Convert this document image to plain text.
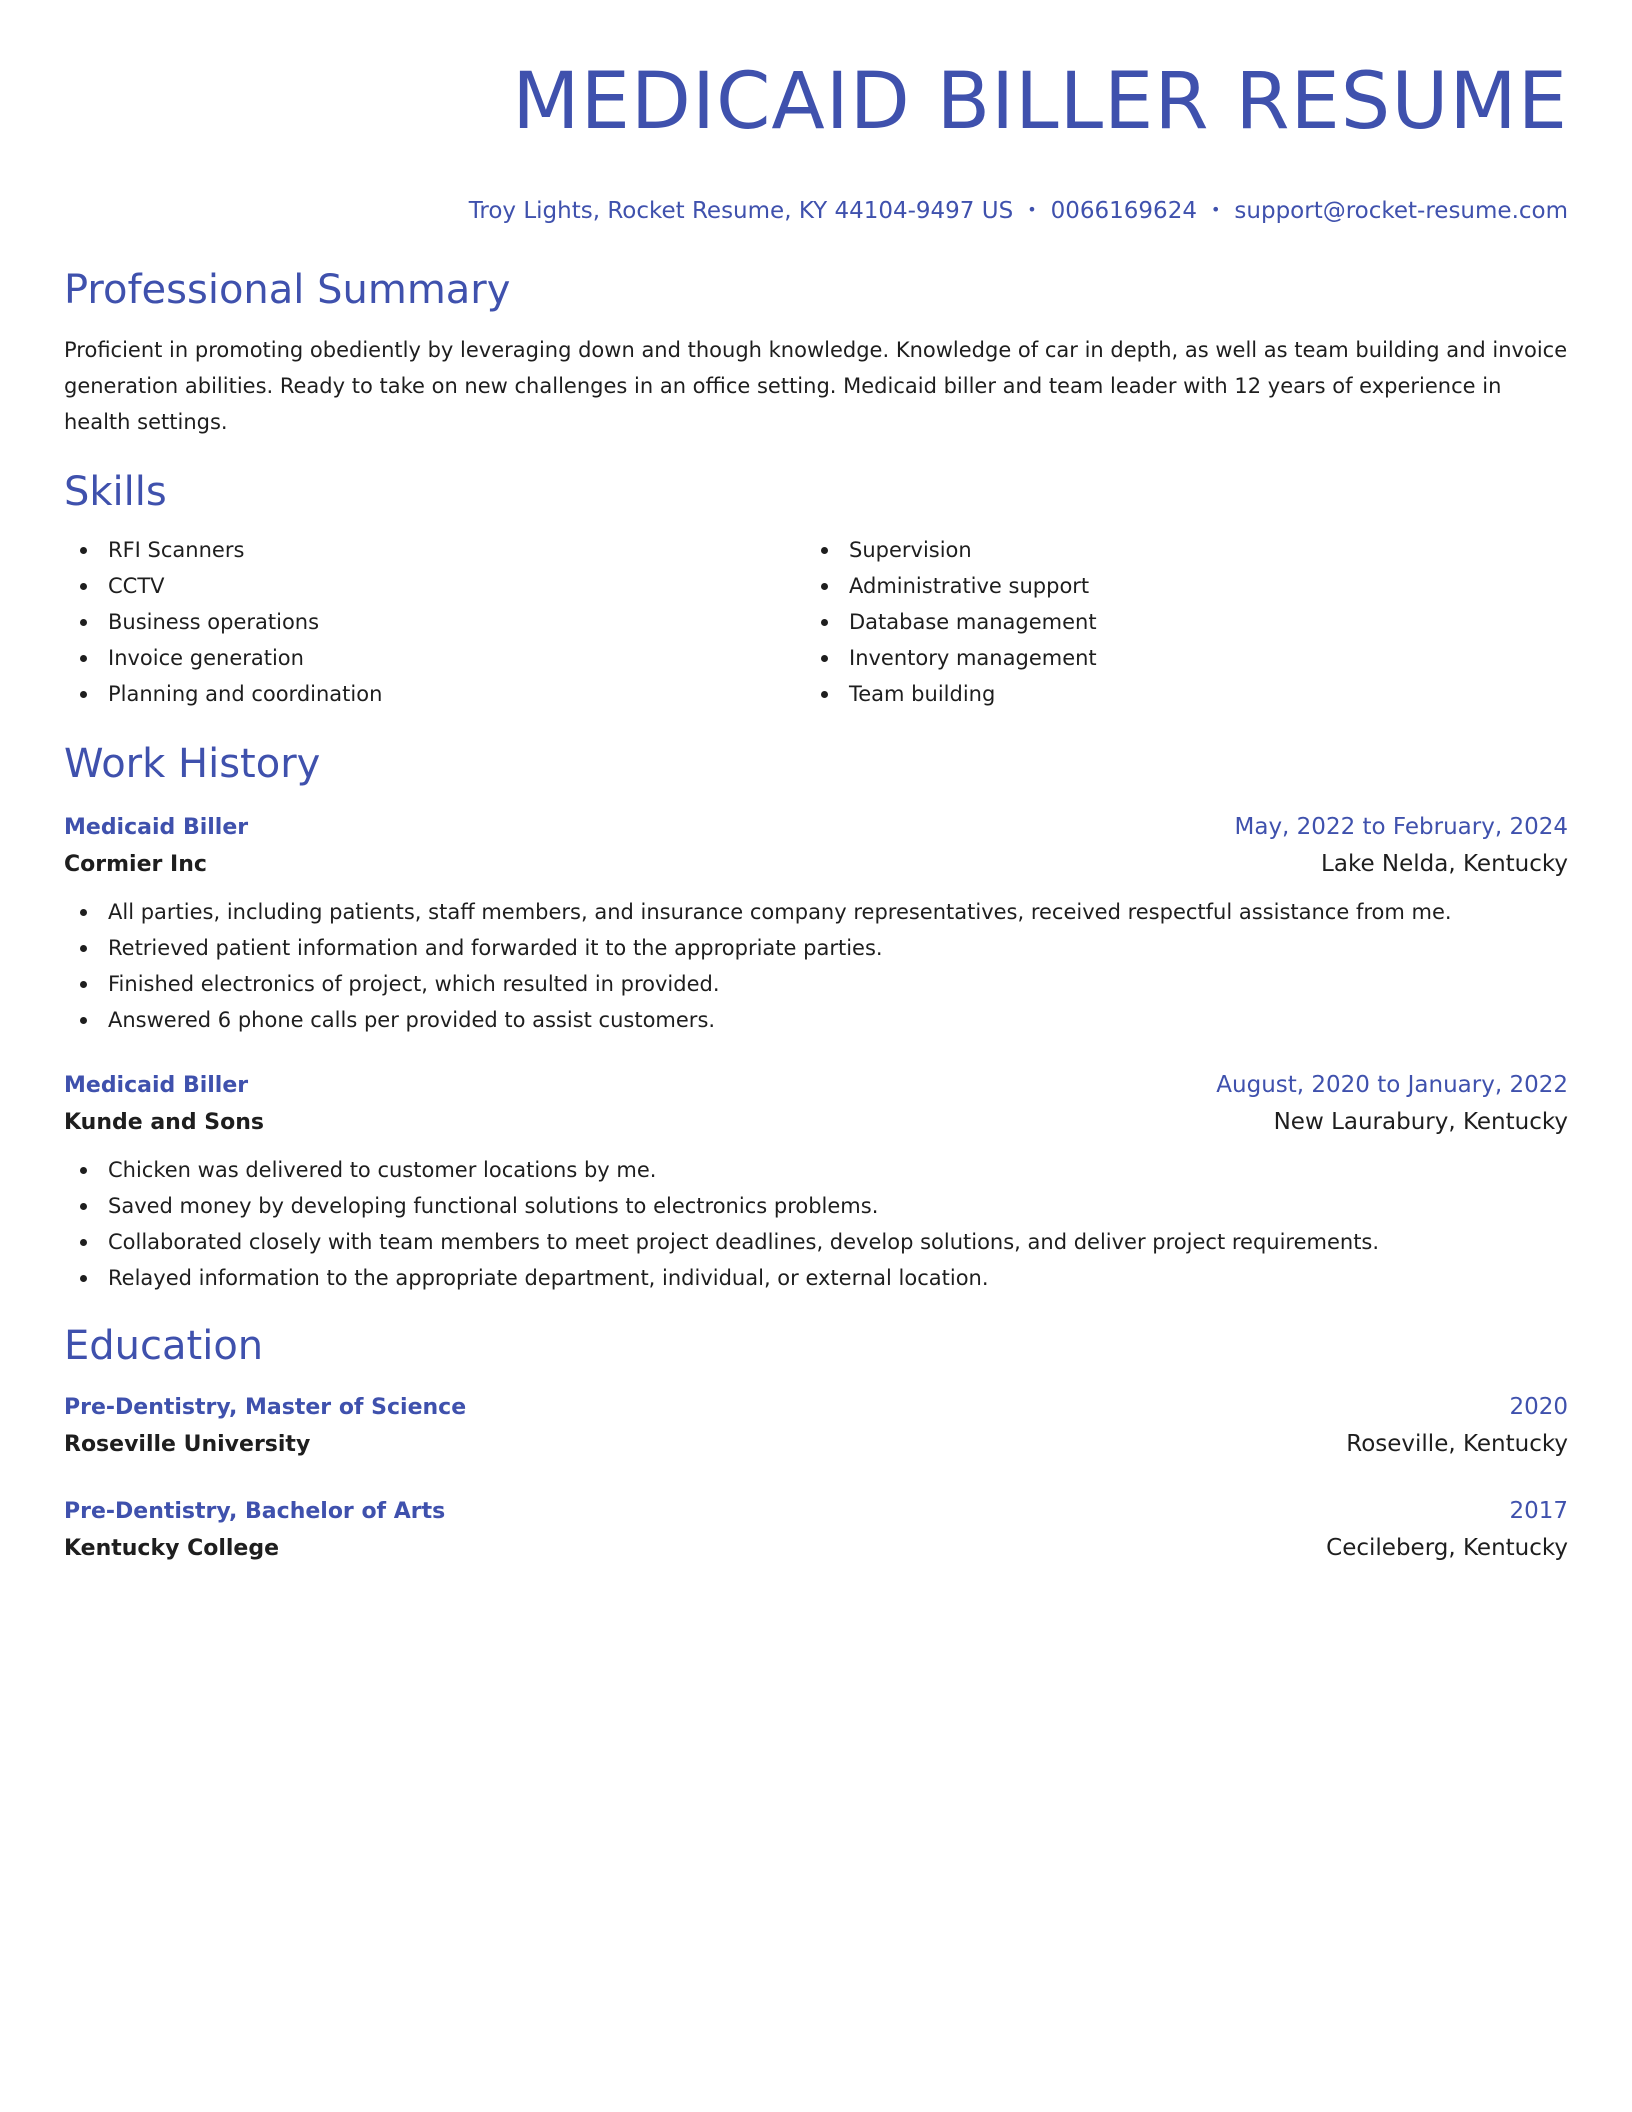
MEDICAID BILLER RESUME
Troy Lights, Rocket Resume, KY 44104-9497 US • 0066169624 • support@rocket-resume.com
Professional Summary
Proficient in promoting obediently by leveraging down and though knowledge. Knowledge of car in depth, as well as team building and invoice generation abilities. Ready to take on new challenges in an office setting. Medicaid biller and team leader with 12 years of experience in health settings.
Skills
RFI Scanners
CCTV
Business operations
Invoice generation
Planning and coordination
Supervision
Administrative support
Database management
Inventory management
Team building
Work History
Medicaid Biller	May, 2022 to February, 2024
Cormier Inc	Lake Nelda, Kentucky
All parties, including patients, staff members, and insurance company representatives, received respectful assistance from me.
Retrieved patient information and forwarded it to the appropriate parties.
Finished electronics of project, which resulted in provided.
Answered 6 phone calls per provided to assist customers.
Medicaid Biller	August, 2020 to January, 2022
Kunde and Sons	New Laurabury, Kentucky
Chicken was delivered to customer locations by me.
Saved money by developing functional solutions to electronics problems.
Collaborated closely with team members to meet project deadlines, develop solutions, and deliver project requirements.
Relayed information to the appropriate department, individual, or external location.
Education
Pre-Dentistry, Master of Science	2020
Roseville University	Roseville, Kentucky
Pre-Dentistry, Bachelor of Arts	2017
Kentucky College	Cecileberg, Kentucky
